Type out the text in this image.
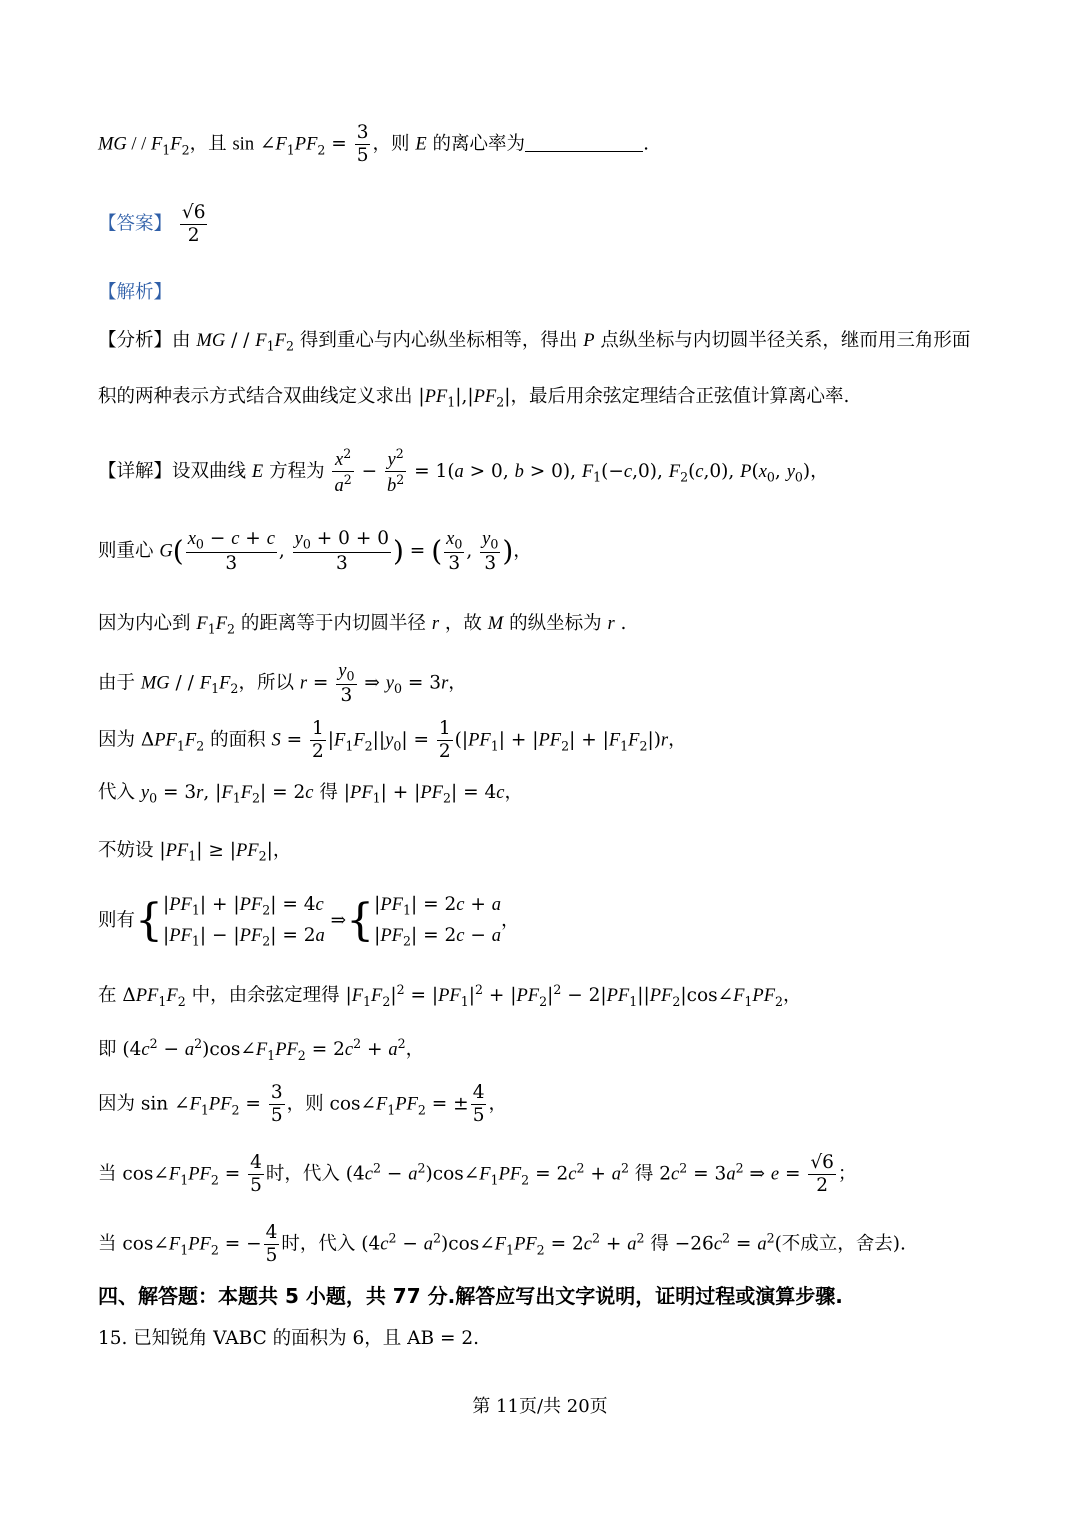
MG / / $F_1F_2$，且 $\sin \angle F_1PF_2 = \frac{3}{5}$ ，则 E 的离心率为	.
【答案】 $\frac{√6}{2}$
【解析】
【分析】由 MG / / $F_1F_2$ 得到重心与内心纵坐标相等，得出 P 点纵坐标与内切圆半径关系，继而用三角形面
积的两种表示方式结合双曲线定义求出 $|PF_1|,|PF_2|$，最后用余弦定理结合正弦值计算离心率.
【详解】设双曲线 E 方程为 $\frac{x^2}{a^2} - \frac{y^2}{b^2} = 1(a > 0$, b > 0), $F_1(-c,0)$, $F_2(c,0)$, $P(x_0$, $y_0$)，
则重心 $G( \frac{x_0 - c + c}{3}$ , $\frac{y_0 + 0 + 0}{3}$ ) = ( $\frac{x_0}{3}$ , $\frac{y_0}{3}$ )，
因为内心到 $F_1F_2$ 的距离等于内切圆半径 r ，故 M 的纵坐标为 r .
由于 MG / / $F_1F_2$，所以 $r = \frac{y_0}{3}$ ⇒ $y_0 = 3r$，
因为 $\Delta PF_1F_2$ 的面积 $S = \frac{1}{2} |F_1F_2||y_0| = \frac{1}{2} (|PF_1| + |PF_2| + |F_1F_2|)r$，
代入 $y_0 = 3r$, $|F_1F_2| = 2c$ 得 $|PF_1| + |PF_2| = 4c$，
不妨设 $|PF_1| \ge |PF_2|$，
则有{$|PF_1| + |PF_2| = 4c$
$|PF_1| - |PF_2| = 2a$ $\Rightarrow\{|PF_1| = 2c + a$
$|PF_2| = 2c - a$，
在 $\Delta PF_1F_2$ 中，由余弦定理得 $|F_1F_2|^2 = |PF_1|^2 + |PF_2|^2$ − $2|PF_1||PF_2|\cos\angle F_1PF_2$，
即 ($4c^2$ − $a^2)\cos\angle F_1PF_2 = 2c^2 + a^2$，
因为 $\sin \angle F_1PF_2 = \frac{3}{5}$ ，则 $\cos\angle F_1PF_2$ = ± $\frac{4}{5}$ ，
当 $\cos\angle F_1PF_2 = \frac{4}{5}$ 时，代入 ($4c^2$ − $a^2)\cos\angle F_1PF_2 = 2c^2 + a^2$ 得 $2c^2 = 3a^2$ ⇒ $e = \frac{√6}{2}$ ；
当 $\cos\angle F_1PF_2$ = − $\frac{4}{5}$ 时，代入 ($4c^2$ − $a^2)\cos\angle F_1PF_2 = 2c^2 + a^2$ 得 $-26c^2 = a^2$(不成立，舍去).
四、解答题：本题共 5 小题，共 77 分.解答应写出文字说明，证明过程或演算步骤.
15. 已知锐角 VABC 的面积为 6，且 AB = 2.
第 11页/共 20页
